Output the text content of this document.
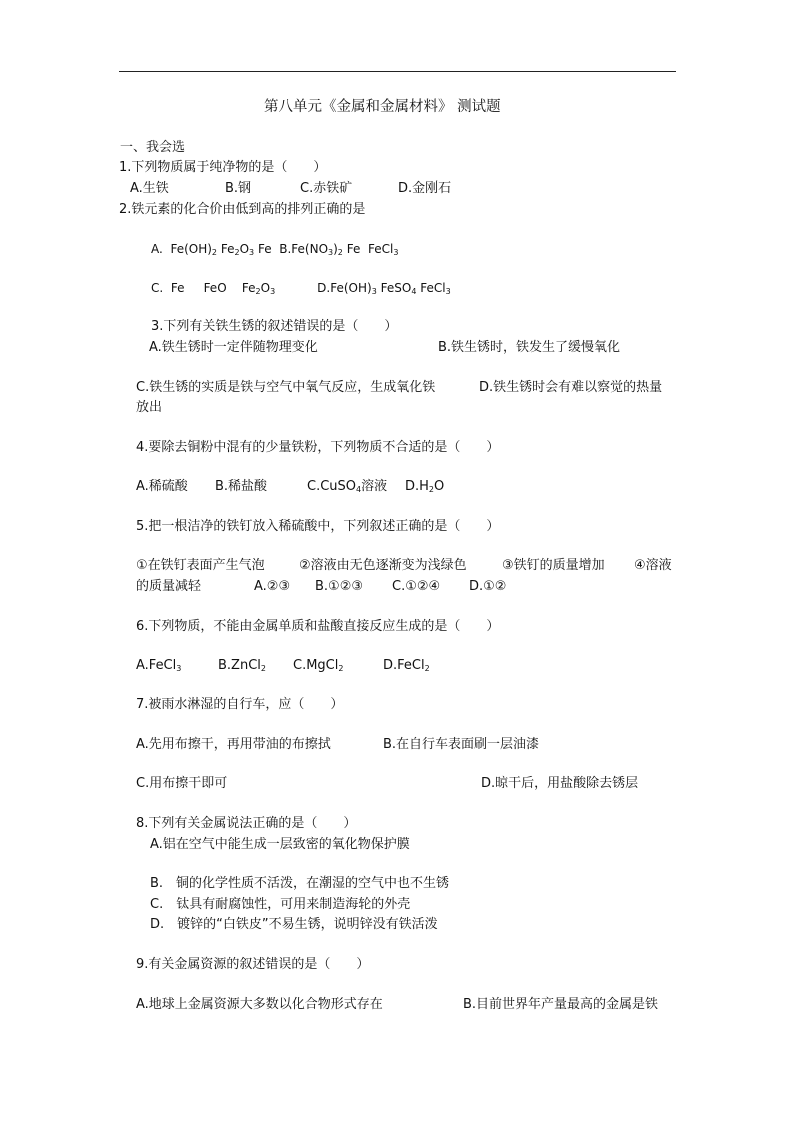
第八单元《金属和金属材料》 测试题
一、我会选
1.下列物质属于纯净物的是（　　）
A.生铁	B.钢	C.赤铁矿	D.金刚石
2.铁元素的化合价由低到高的排列正确的是
A. $Fe(OH)_2$ $Fe_2O_3$ Fe $B.Fe(NO_3)_2$ Fe FeCl$_3$
C. Fe FeO $Fe_2O_3$	$D.Fe(OH)_3$ FeSO$_4$ FeCl$_3$
3.下列有关铁生锈的叙述错误的是（　　）
A.铁生锈时一定伴随物理变化	B.铁生锈时，铁发生了缓慢氧化
C.铁生锈的实质是铁与空气中氧气反应，生成氧化铁	D.铁生锈时会有难以察觉的热量
放出
4.要除去铜粉中混有的少量铁粉，下列物质不合适的是（　　）
A.稀硫酸 B.稀盐酸	C.CuSO$_4$溶液 $D.H_2O$
5.把一根洁净的铁钉放入稀硫酸中，下列叙述正确的是（　　）
①在铁钉表面产生气泡	②溶液由无色逐渐变为浅绿色	③铁钉的质量增加 ④溶液
的质量减轻	A.②③ B.①②③ C.①②④ D.①②
6.下列物质，不能由金属单质和盐酸直接反应生成的是（　　）
A.FeCl$_3$	B.ZnCl$_2$ C.MgCl$_2$	D.FeCl$_2$
7.被雨水淋湿的自行车，应（　　）
A.先用布擦干，再用带油的布擦拭	B.在自行车表面刷一层油漆
C.用布擦干即可	D.晾干后，用盐酸除去锈层
8.下列有关金属说法正确的是（　　）
A.铝在空气中能生成一层致密的氧化物保护膜
B.　铜的化学性质不活泼，在潮湿的空气中也不生锈
C.　钛具有耐腐蚀性，可用来制造海轮的外壳
D.　镀锌的“白铁皮”不易生锈，说明锌没有铁活泼
9.有关金属资源的叙述错误的是（　　）
A.地球上金属资源大多数以化合物形式存在	B.目前世界年产量最高的金属是铁
